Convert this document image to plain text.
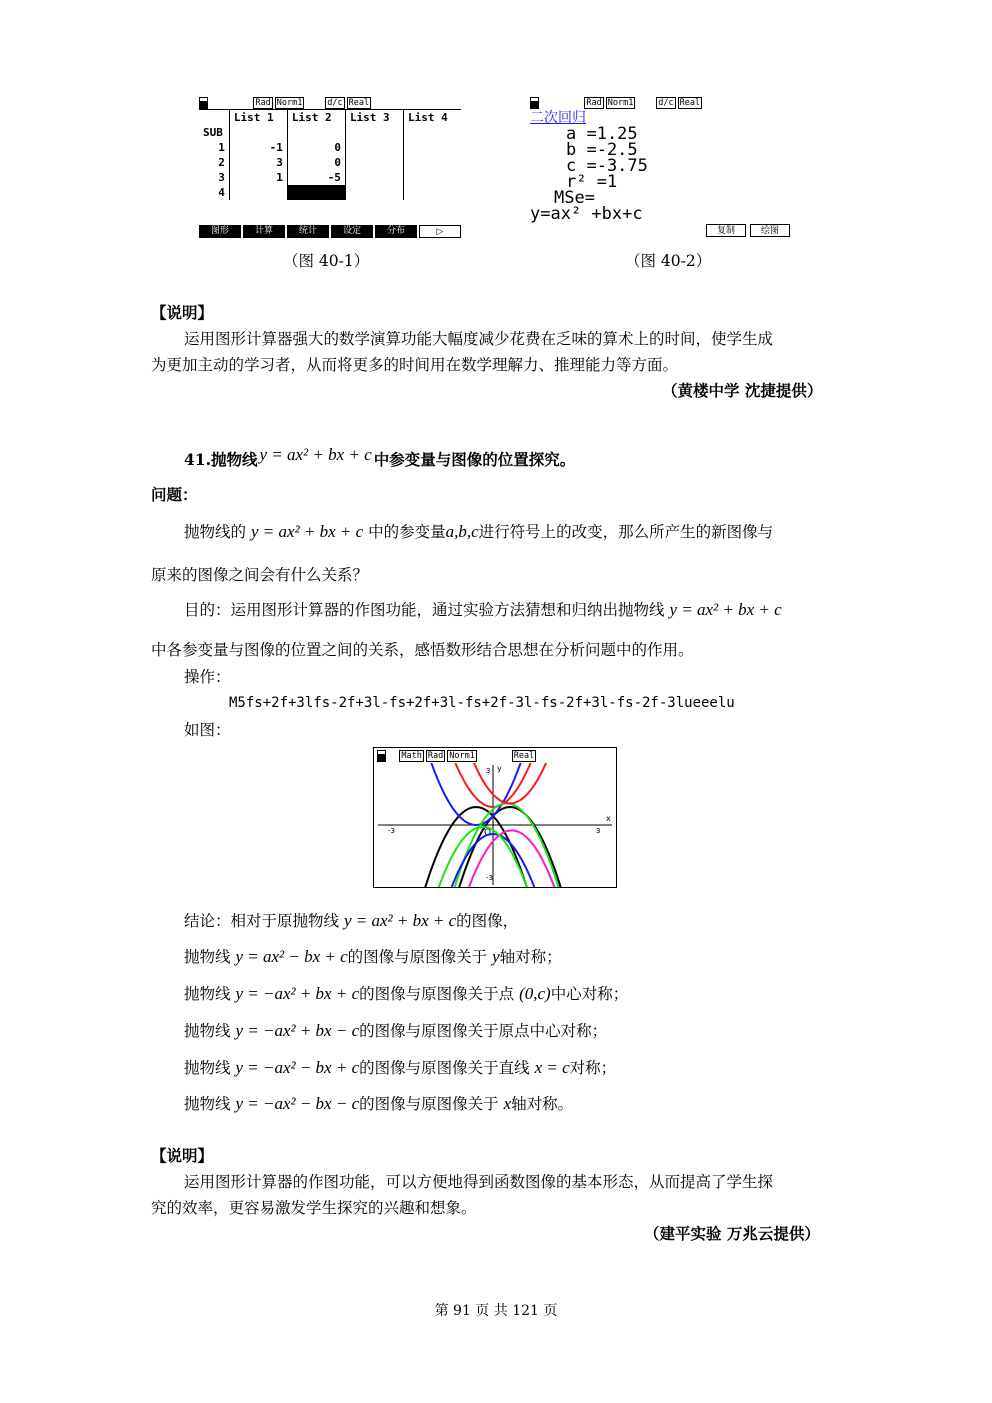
Rad Norm1	d/c Real
	List 1	List 2	List 3	List 4
SUB				
1	-1	0		
2	3	0		
3	1	-5		
4				
图形	计算	统计	设定	分布	▷
（图 40-1）
Rad Norm1	d/c Real
二次回归
a =1.25
b =-2.5
c =-3.75
r² =1
MSe=
y=ax² +bx+c
复制	绘图
（图 40-2）
【说明】
运用图形计算器强大的数学演算功能大幅度减少花费在乏味的算术上的时间，使学生成
为更加主动的学习者，从而将更多的时间用在数学理解力、推理能力等方面。
（黄楼中学 沈捷提供）
41.抛物线 y = ax² + bx + c 中参变量与图像的位置探究。
问题：
抛物线的 y = ax² + bx + c 中的参变量a,b,c进行符号上的改变，那么所产生的新图像与
原来的图像之间会有什么关系？
目的：运用图形计算器的作图功能，通过实验方法猜想和归纳出抛物线 y = ax² + bx + c
中各参变量与图像的位置之间的关系，感悟数形结合思想在分析问题中的作用。
操作：
M5fs+2f+3lfs-2f+3l-fs+2f+3l-fs+2f-3l-fs-2f+3l-fs-2f-3lueeelu
如图：
Math Rad Norm1	Real
y
x
O
-3	3
3
-3
结论：相对于原抛物线 y = ax² + bx + c的图像，
抛物线 y = ax² − bx + c的图像与原图像关于 y轴对称；
抛物线 y = −ax² + bx + c的图像与原图像关于点 (0,c)中心对称；
抛物线 y = −ax² + bx − c的图像与原图像关于原点中心对称；
抛物线 y = −ax² − bx + c的图像与原图像关于直线 x = c对称；
抛物线 y = −ax² − bx − c的图像与原图像关于 x轴对称。
【说明】
运用图形计算器的作图功能，可以方便地得到函数图像的基本形态，从而提高了学生探
究的效率，更容易激发学生探究的兴趣和想象。
（建平实验 万兆云提供）
第 91 页 共 121 页
